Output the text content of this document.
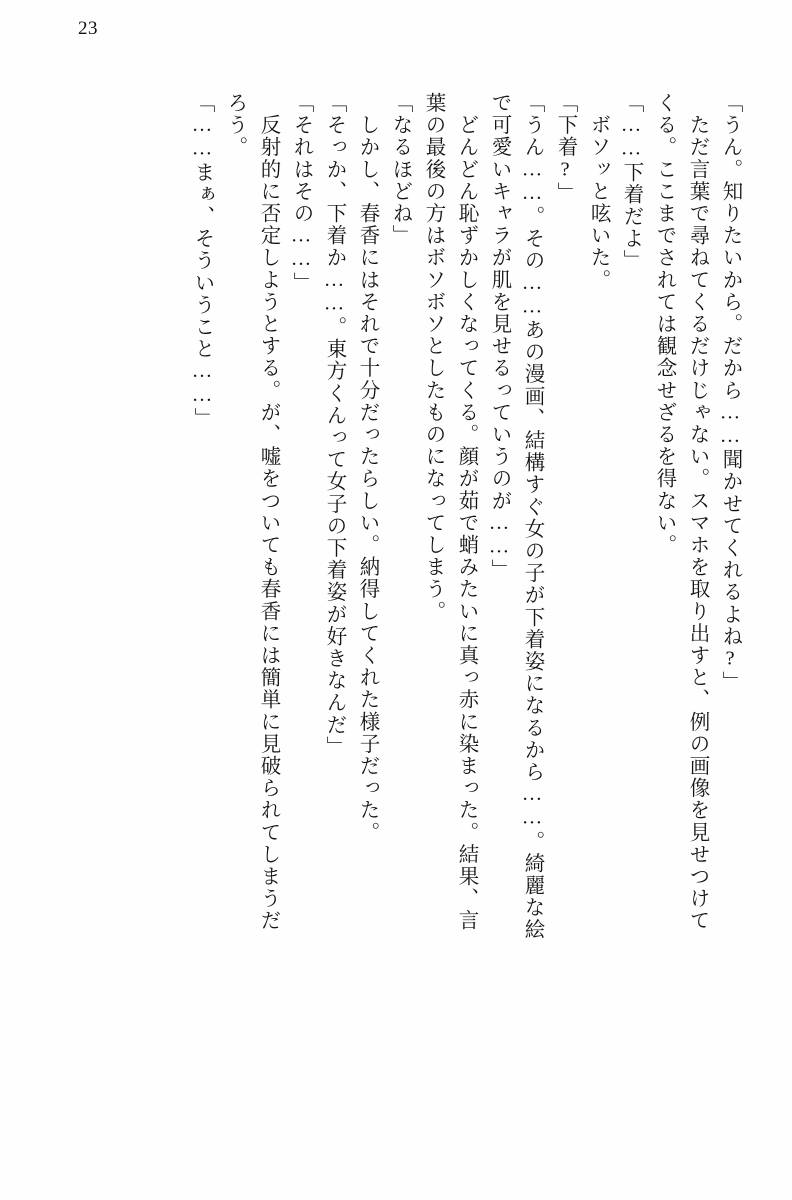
23
「うん。知りたいから。だから……聞かせてくれるよね?」
　ただ言葉で尋ねてくるだけじゃない。スマホを取り出すと、例の画像を見せつけて
くる。ここまでされては観念せざるを得ない。
「……下着だよ」
　ボソッと呟いた。
「下着?」
「うん……。その……あの漫画、結構すぐ女の子が下着姿になるから……。綺麗な絵
で可愛いキャラが肌を見せるっていうのが……」
　どんどん恥ずかしくなってくる。顔が茹で蛸みたいに真っ赤に染まった。結果、言
葉の最後の方はボソボソとしたものになってしまう。
「なるほどね」
　しかし、春香にはそれで十分だったらしい。納得してくれた様子だった。
「そっか、下着か……。東方くんって女子の下着姿が好きなんだ」
「それはその……」
　反射的に否定しようとする。が、嘘をついても春香には簡単に見破られてしまうだ
ろう。
「……まぁ、そういうこと……」
